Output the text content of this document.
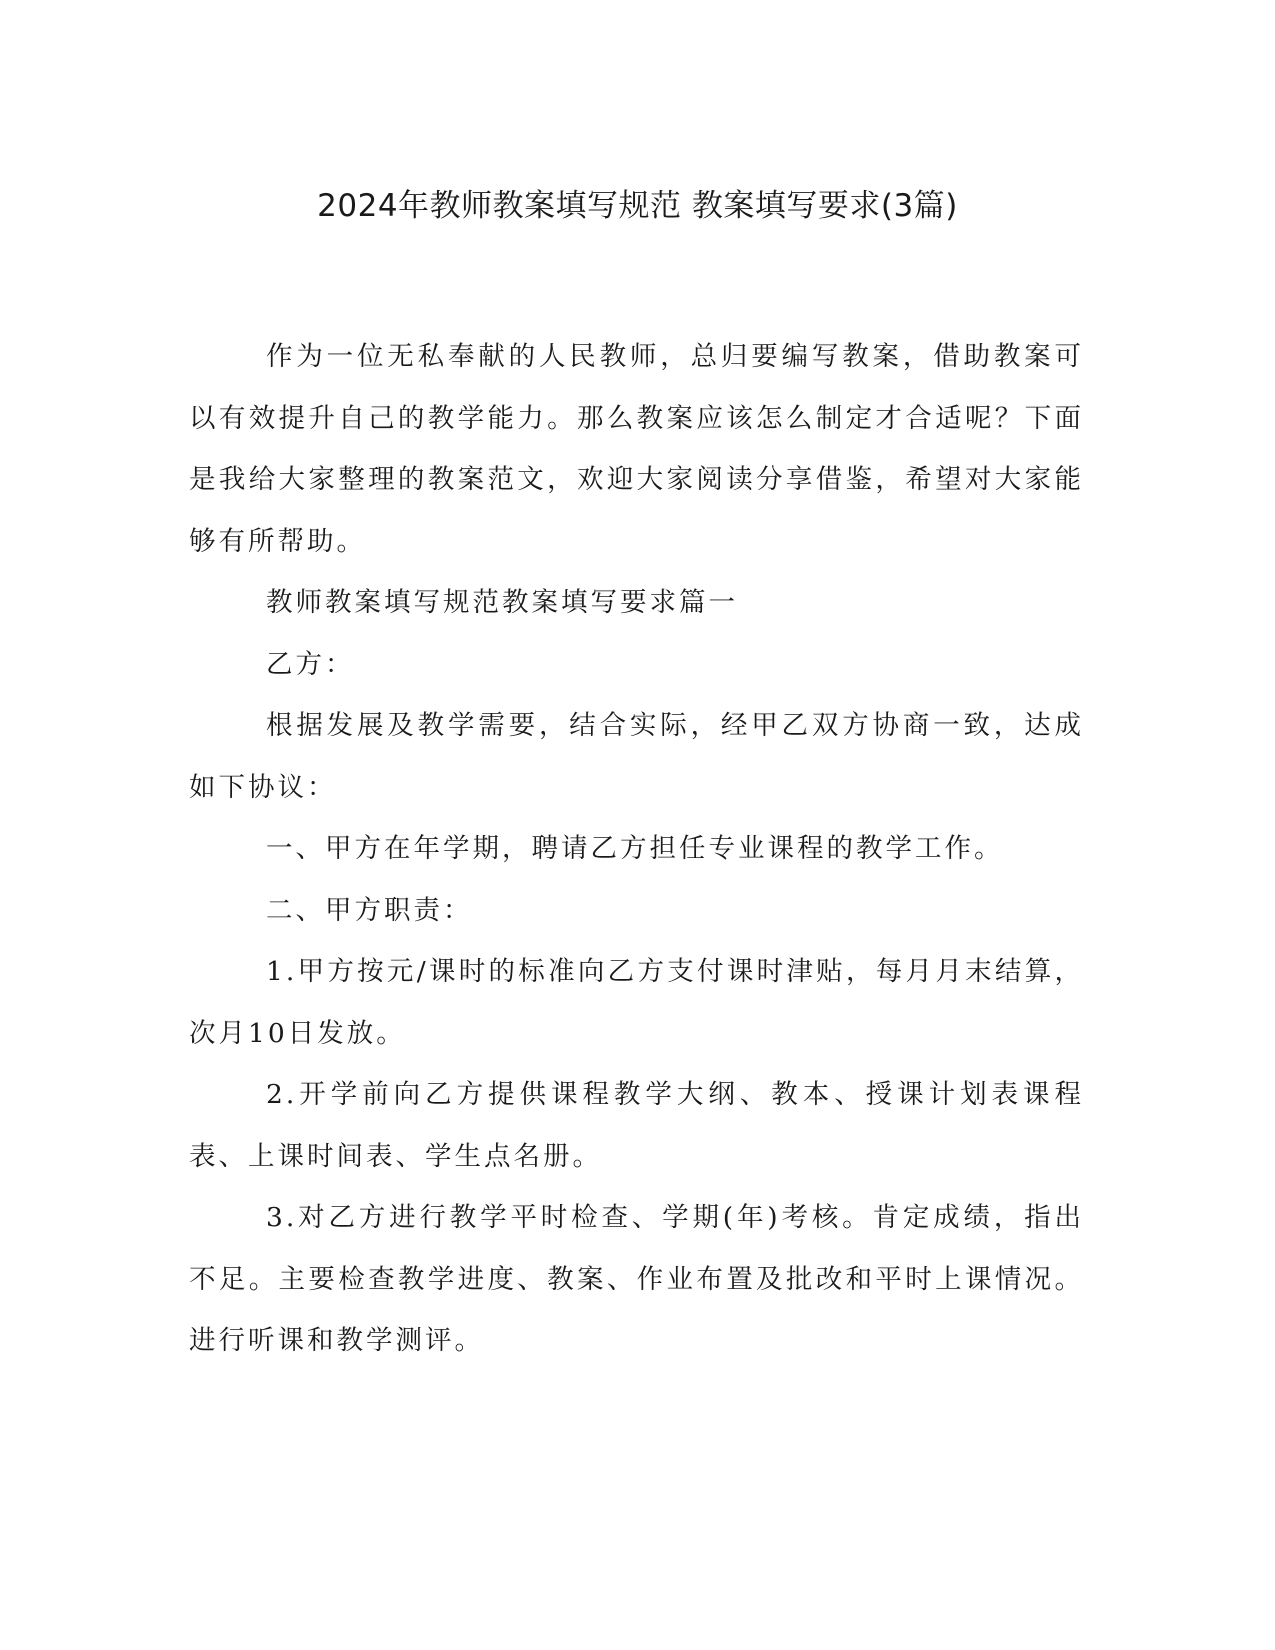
2024年教师教案填写规范 教案填写要求(3篇)

作为一位无私奉献的人民教师，总归要编写教案，借助教案可以有效提升自己的教学能力。那么教案应该怎么制定才合适呢？下面是我给大家整理的教案范文，欢迎大家阅读分享借鉴，希望对大家能够有所帮助。

教师教案填写规范教案填写要求篇一

乙方：

根据发展及教学需要，结合实际，经甲乙双方协商一致，达成如下协议：

一、甲方在年学期，聘请乙方担任专业课程的教学工作。

二、甲方职责：

1.甲方按元/课时的标准向乙方支付课时津贴，每月月末结算，次月10日发放。

2.开学前向乙方提供课程教学大纲、教本、授课计划表课程表、上课时间表、学生点名册。

3.对乙方进行教学平时检查、学期(年)考核。肯定成绩，指出不足。主要检查教学进度、教案、作业布置及批改和平时上课情况。进行听课和教学测评。
